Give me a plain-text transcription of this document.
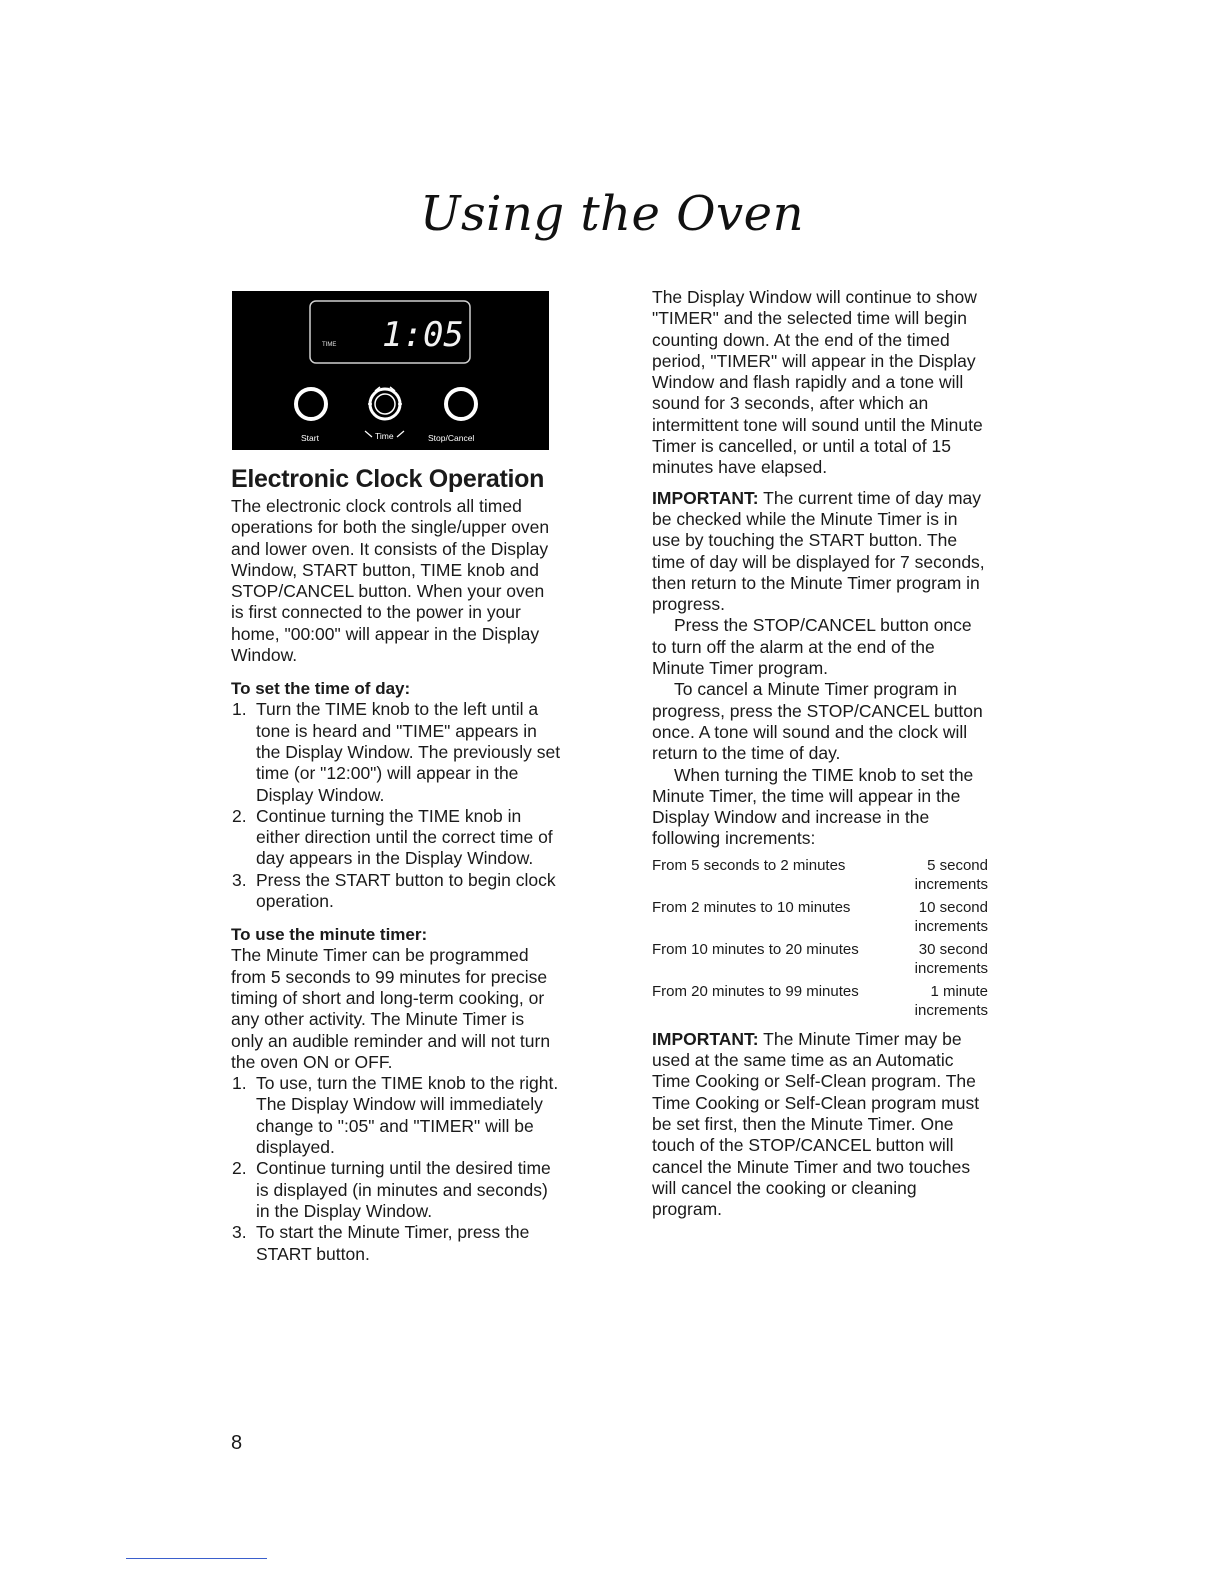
Using the Oven
TIME 1:05
Start	Time	Stop/Cancel
Electronic Clock Operation

The electronic clock controls all timed operations for both the single/upper oven and lower oven. It consists of the Display Window, START button, TIME knob and STOP/CANCEL button. When your oven is first connected to the power in your home, "00:00" will appear in the Display Window.

To set the time of day:
1. Turn the TIME knob to the left until a tone is heard and "TIME" appears in the Display Window. The previously set time (or "12:00") will appear in the Display Window.
2. Continue turning the TIME knob in either direction until the correct time of day appears in the Display Window.
3. Press the START button to begin clock operation.
To use the minute timer:

The Minute Timer can be programmed from 5 seconds to 99 minutes for precise timing of short and long-term cooking, or any other activity. The Minute Timer is only an audible reminder and will not turn the oven ON or OFF.

1. To use, turn the TIME knob to the right. The Display Window will immediately change to ":05" and "TIMER" will be displayed.
2. Continue turning until the desired time is displayed (in minutes and seconds) in the Display Window.
3. To start the Minute Timer, press the START button.

The Display Window will continue to show "TIMER" and the selected time will begin counting down. At the end of the timed period, "TIMER" will appear in the Display Window and flash rapidly and a tone will sound for 3 seconds, after which an intermittent tone will sound until the Minute Timer is cancelled, or until a total of 15 minutes have elapsed.

IMPORTANT: The current time of day may be checked while the Minute Timer is in use by touching the START button. The time of day will be displayed for 7 seconds, then return to the Minute Timer program in progress.

Press the STOP/CANCEL button once to turn off the alarm at the end of the Minute Timer program.

To cancel a Minute Timer program in progress, press the STOP/CANCEL button once. A tone will sound and the clock will return to the time of day.

When turning the TIME knob to set the Minute Timer, the time will appear in the Display Window and increase in the following increments:

From 5 seconds to 2 minutes	5 second increments
From 2 minutes to 10 minutes	10 second increments
From 10 minutes to 20 minutes	30 second increments
From 20 minutes to 99 minutes	1 minute increments

IMPORTANT: The Minute Timer may be used at the same time as an Automatic Time Cooking or Self-Clean program. The Time Cooking or Self-Clean program must be set first, then the Minute Timer. One touch of the STOP/CANCEL button will cancel the Minute Timer and two touches will cancel the cooking or cleaning program.

8
